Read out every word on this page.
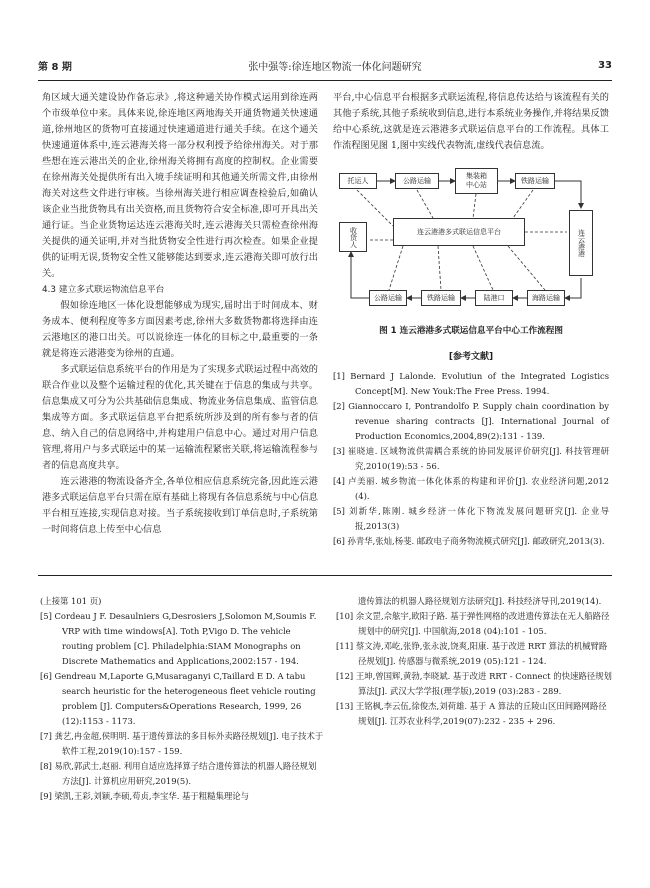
第 8 期	张中强等:徐连地区物流一体化问题研究	33

角区域大通关建设协作备忘录》,将这种通关协作模式运用到徐连两个市级单位中来。具体来说,徐连地区两地海关开通货物通关快速通道,徐州地区的货物可直接通过快速通道进行通关手续。在这个通关快速通道体系中,连云港海关将一部分权利授予给徐州海关。对于那些想在连云港出关的企业,徐州海关将拥有高度的控制权。企业需要在徐州海关处提供所有出入境手续证明和其他通关所需文件,由徐州海关对这些文件进行审核。当徐州海关进行相应调查检验后,如确认该企业当批货物具有出关资格,而且货物符合安全标准,即可开具出关通行证。当企业货物运达连云港海关时,连云港海关只需检查徐州海关提供的通关证明,并对当批货物安全性进行再次检查。如果企业提供的证明无误,货物安全性又能够能达到要求,连云港海关即可放行出关。

4.3 建立多式联运物流信息平台

假如徐连地区一体化设想能够成为现实,届时出于时间成本、财务成本、便利程度等多方面因素考虑,徐州大多数货物都将选择由连云港地区的港口出关。可以说徐连一体化的目标之中,最重要的一条就是将连云港港变为徐州的直通。

多式联运信息系统平台的作用是为了实现多式联运过程中高效的联合作业以及整个运输过程的优化,其关键在于信息的集成与共享。信息集成又可分为公共基础信息集成、物流业务信息集成、监管信息集成等方面。多式联运信息平台把系统所涉及到的所有参与者的信息、纳入自己的信息网络中,并构建用户信息中心。通过对用户信息管理,将用户与多式联运中的某一运输流程紧密关联,将运输流程参与者的信息高度共享。

连云港港的物流设备齐全,各单位相应信息系统完备,因此连云港港多式联运信息平台只需在原有基础上将现有各信息系统与中心信息平台相互连接,实现信息对接。当子系统接收到订单信息时,子系统第一时间将信息上传至中心信息

平台,中心信息平台根据多式联运流程,将信息传达给与该流程有关的其他子系统,其他子系统收到信息,进行本系统业务操作,并将结果反馈给中心系统,这就是连云港港多式联运信息平台的工作流程。具体工作流程图见图 1,图中实线代表物流,虚线代表信息流。

托运人	公路运输
集装箱
中心站
铁路运输
连云港港多式联运信息平台
收货人	连云港港
公路运输	铁路运输	陆港口	海路运输

图 1 连云港港多式联运信息平台中心工作流程图

[参考文献]

[1] Bernard J Lalonde. Evolutiun of the Integrated Logistics Concept[M]. New Youk:The Free Press. 1994.

[2] Giannoccaro I, Pontrandolfo P. Supply chain coordination by revenue sharing contracts [J]. International Journal of Production Economics,2004,89(2):131 - 139.

[3] 崔晓迪. 区域物流供需耦合系统的协同发展评价研究[J]. 科技管理研究,2010(19):53 - 56.

[4] 卢美丽. 城乡物流一体化体系的构建和评价[J]. 农业经济问题,2012 (4).

[5] 刘新华,陈刚. 城乡经济一体化下物流发展问题研究[J]. 企业导报,2013(3)

[6] 孙青华,张灿,杨斐. 邮政电子商务物流模式研究[J]. 邮政研究,2013(3).

(上接第 101 页)

[5] Cordeau J F. Desaulniers G,Desrosiers J,Solomon M,Soumis F. VRP with time windows[A]. Toth P,Vigo D. The vehicle routing problem [C]. Philadelphia:SIAM Monographs on Discrete Mathematics and Applications,2002:157 - 194.

[6] Gendreau M,Laporte G,Musaraganyi C,Taillard E D. A tabu search heuristic for the heterogeneous fleet vehicle routing problem [J]. Computers&Operations Research, 1999, 26 (12):1153 - 1173.

[7] 龚艺,冉金超,侯明明. 基于遗传算法的多目标外卖路径规划[J]. 电子技术于软件工程,2019(10):157 - 159.

[8] 易欣,郭武士,赵丽. 利用自适应选择算子结合遗传算法的机器人路径规划方法[J]. 计算机应用研究,2019(5).

[9] 梁凯,王彩,刘颖,李硕,苟贞,李宝华. 基于粗糙集理论与

遗传算法的机器人路径规划方法研究[J]. 科技经济导刊,2019(14).

[10] 余文罡,佘舷宇,欧阳子路. 基于弹性网格的改进遗传算法在无人船路径规划中的研究[J]. 中国航海,2018 (04):101 - 105.

[11] 蔡文涛,邓屹,张铮,张永波,饶爽,阳康. 基于改进 RRT 算法的机械臂路径规划[J]. 传感器与微系统,2019 (05):121 - 124.

[12] 王坤,曾国辉,黄勃,李晓斌. 基于改进 RRT - Connect 的快速路径规划算法[J]. 武汉大学学报(理学版),2019 (03):283 - 289.

[13] 王铭枫,李云伍,徐俊杰,刘荷雄. 基于 A 算法的丘陵山区田间路网路径规划[J]. 江苏农业科学,2019(07):232 - 235 + 296.
